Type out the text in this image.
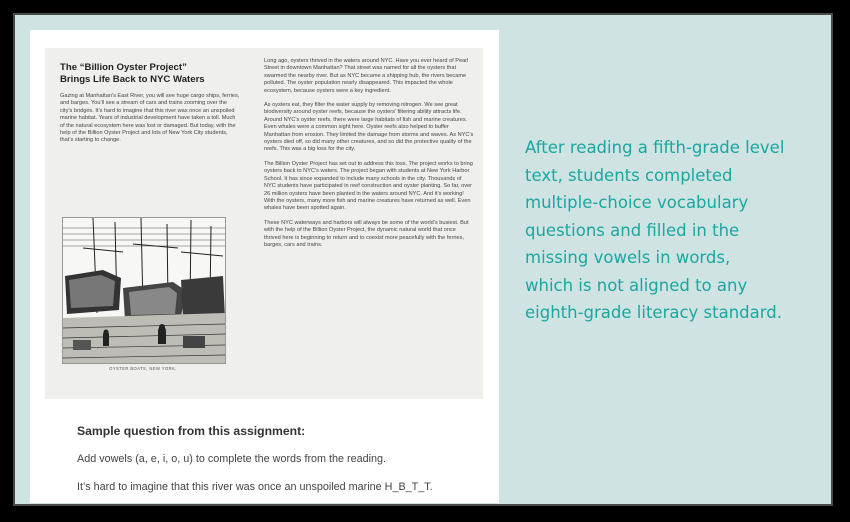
The “Billion Oyster Project”
Brings Life Back to NYC Waters

Gazing at Manhattan’s East River, you will see huge cargo ships, ferries, and barges. You’ll see a stream of cars and trains zooming over the city’s bridges. It’s hard to imagine that this river was once an unspoiled marine habitat. Years of industrial development have taken a toll. Much of the natural ecosystem here was lost or damaged. But today, with the help of the Billion Oyster Project and lots of New York City students, that’s starting to change.

OYSTER BOATS, NEW YORK.

Long ago, oysters thrived in the waters around NYC. Have you ever heard of Pearl Street in downtown Manhattan? That street was named for all the oysters that swarmed the nearby river. But as NYC became a shipping hub, the rivers became polluted. The oyster population nearly disappeared. This impacted the whole ecosystem, because oysters were a key ingredient.

As oysters eat, they filter the water supply by removing nitrogen. We see great biodiversity around oyster reefs, because the oysters’ filtering ability attracts life. Around NYC’s oyster reefs, there were large habitats of fish and marine creatures. Even whales were a common sight here. Oyster reefs also helped to buffer Manhattan from erosion. They limited the damage from storms and waves. As NYC’s oysters died off, so did many other creatures, and so did the protective quality of the reefs. This was a big loss for the city.

The Billion Oyster Project has set out to address this loss. The project works to bring oysters back to NYC’s waters. The project began with students at New York Harbor School. It has since expanded to include many schools in the city. Thousands of NYC students have participated in reef construction and oyster planting. So far, over 26 million oysters have been planted in the waters around NYC. And it’s working! With the oysters, many more fish and marine creatures have returned as well. Even whales have been spotted again.

These NYC waterways and harbors will always be some of the world’s busiest. But with the help of the Billion Oyster Project, the dynamic natural world that once thrived here is beginning to return and to coexist more peacefully with the ferries, barges, cars and trains.

Sample question from this assignment:
Add vowels (a, e, i, o, u) to complete the words from the reading.
It’s hard to imagine that this river was once an unspoiled marine H_B_T_T.
After reading a fifth-grade level
text, students completed
multiple-choice vocabulary
questions and filled in the
missing vowels in words,
which is not aligned to any
eighth-grade literacy standard.
